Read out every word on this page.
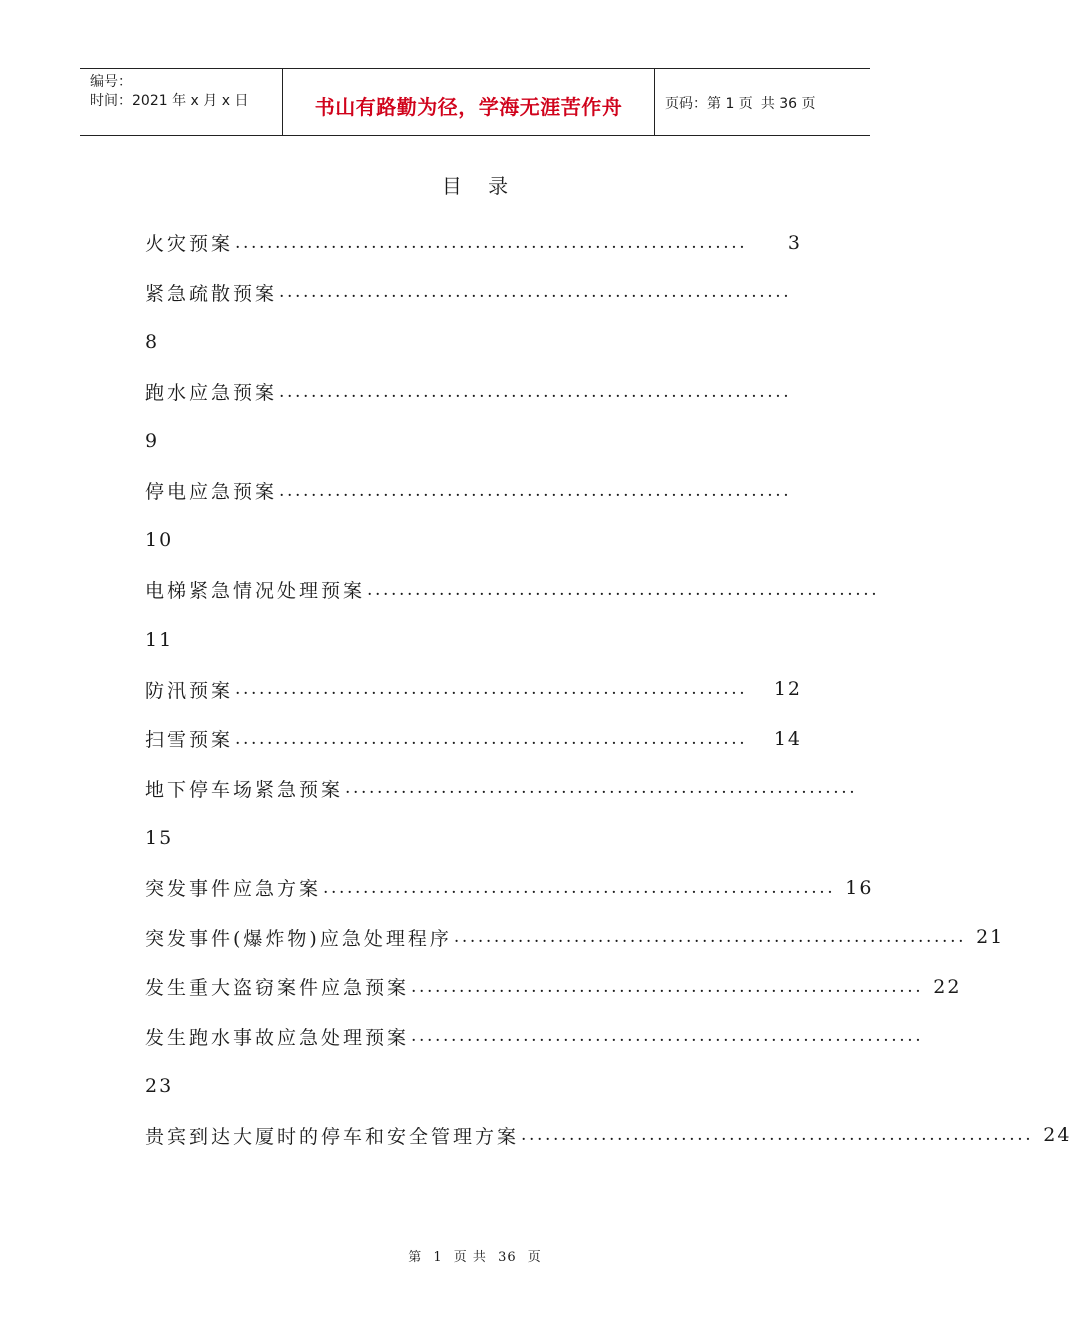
编号：
时间：2021 年 x 月 x 日	书山有路勤为径，学海无涯苦作舟	页码：第 1 页 共 36 页
目 录
火灾预案 ................................................................	3
紧急疏散预案 ................................................................
8
跑水应急预案 ................................................................
9
停电应急预案 ................................................................
10
电梯紧急情况处理预案 ................................................................
11
防汛预案 ................................................................	12
扫雪预案 ................................................................	14
地下停车场紧急预案 ................................................................
15
突发事件应急方案 ................................................................ 16
突发事件(爆炸物)应急处理程序 ................................................................ 21
发生重大盗窃案件应急预案 ................................................................ 22
发生跑水事故应急处理预案 ................................................................
23
贵宾到达大厦时的停车和安全管理方案 ................................................................ 24
第 1 页 共 36 页
